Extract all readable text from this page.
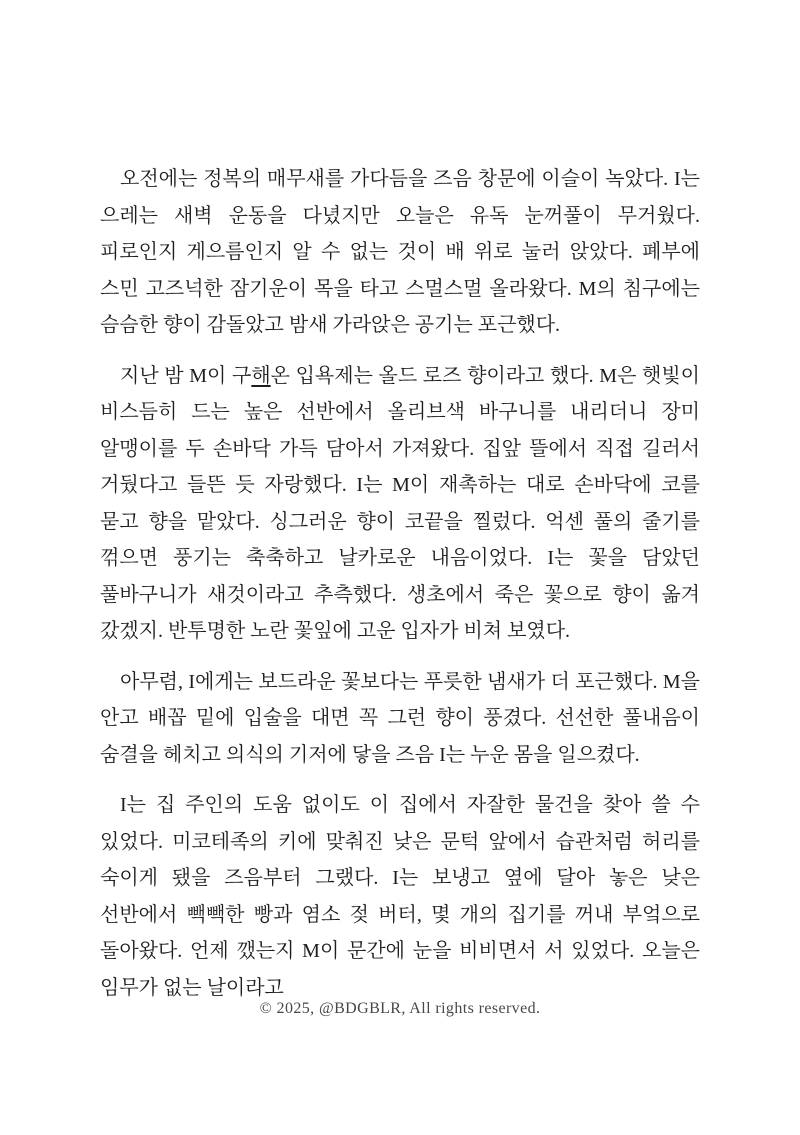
오전에는 정복의 매무새를 가다듬을 즈음 창문에 이슬이 녹았다. I는 으레는 새벽 운동을 다녔지만 오늘은 유독 눈꺼풀이 무거웠다. 피로인지 게으름인지 알 수 없는 것이 배 위로 눌러 앉았다. 폐부에 스민 고즈넉한 잠기운이 목을 타고 스멀스멀 올라왔다. M의 침구에는 슴슴한 향이 감돌았고 밤새 가라앉은 공기는 포근했다.

지난 밤 M이 구해온 입욕제는 올드 로즈 향이라고 했다. M은 햇빛이 비스듬히 드는 높은 선반에서 올리브색 바구니를 내리더니 장미 알맹이를 두 손바닥 가득 담아서 가져왔다. 집앞 뜰에서 직접 길러서 거뒀다고 들뜬 듯 자랑했다. I는 M이 재촉하는 대로 손바닥에 코를 묻고 향을 맡았다. 싱그러운 향이 코끝을 찔렀다. 억센 풀의 줄기를 꺾으면 풍기는 축축하고 날카로운 내음이었다. I는 꽃을 담았던 풀바구니가 새것이라고 추측했다. 생초에서 죽은 꽃으로 향이 옮겨 갔겠지. 반투명한 노란 꽃잎에 고운 입자가 비쳐 보였다.

아무렴, I에게는 보드라운 꽃보다는 푸릇한 냄새가 더 포근했다. M을 안고 배꼽 밑에 입술을 대면 꼭 그런 향이 풍겼다. 선선한 풀내음이 숨결을 헤치고 의식의 기저에 닿을 즈음 I는 누운 몸을 일으켰다.

I는 집 주인의 도움 없이도 이 집에서 자잘한 물건을 찾아 쓸 수 있었다. 미코테족의 키에 맞춰진 낮은 문턱 앞에서 습관처럼 허리를 숙이게 됐을 즈음부터 그랬다. I는 보냉고 옆에 달아 놓은 낮은 선반에서 빽빽한 빵과 염소 젖 버터, 몇 개의 집기를 꺼내 부엌으로 돌아왔다. 언제 깼는지 M이 문간에 눈을 비비면서 서 있었다. 오늘은 임무가 없는 날이라고

© 2025, @BDGBLR, All rights reserved.
